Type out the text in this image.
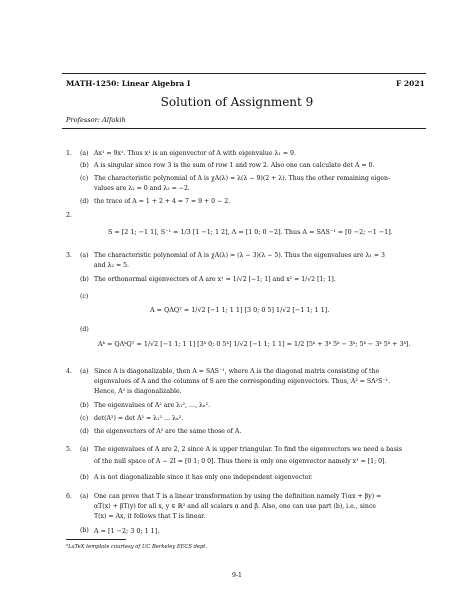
MATH-1250: Linear Algebra I	F 2021
Solution of Assignment 9
Professor: Alfakih
1. (a) Ax¹ = 9x¹. Thus x¹ is an eigenvector of A with eigenvalue λ₁ = 9.
(b) A is singular since row 3 is the sum of row 1 and row 2. Also one can calculate det A = 0.
(c) The characteristic polynomial of A is χA(λ) = λ(λ − 9)(2 + λ). Thus the other remaining eigen-
values are λ₂ = 0 and λ₃ = −2.
(d) the trace of A = 1 + 2 + 4 = 7 = 9 + 0 − 2.
2.
S = [2 1; −1 1], S⁻¹ = 1/3 [1 −1; 1 2], Λ = [1 0; 0 −2]. Thus A = SΛS⁻¹ = [0 −2; −1 −1].
3. (a) The characteristic polynomial of A is χA(λ) = (λ − 3)(λ − 5). Thus the eigenvalues are λ₁ = 3
and λ₂ = 5.
(b) The orthonormal eigenvectors of A are x¹ = 1/√2 [−1; 1] and x² = 1/√2 [1; 1].
(c)
A = QΛQᵀ = 1/√2 [−1 1; 1 1] [3 0; 0 5] 1/√2 [−1 1; 1 1].
(d)
Aᵏ = QΛᵏQᵀ = 1/√2 [−1 1; 1 1] [3ᵏ 0; 0 5ᵏ] 1/√2 [−1 1; 1 1] = 1/2 [5ᵏ + 3ᵏ 5ᵏ − 3ᵏ; 5ᵏ − 3ᵏ 5ᵏ + 3ᵏ].
4. (a) Since A is diagonalizable, then A = SΛS⁻¹, where Λ is the diagonal matrix consisting of the
eigenvalues of A and the columns of S are the corresponding eigenvectors. Thus, A² = SΛ²S⁻¹.
Hence, A² is diagonalizable.
(b) The eigenvalues of A² are λ₁², …, λₙ².
(c) det(A²) = det A² = λ₁² … λₙ².
(d) the eigenvectors of A² are the same those of A.
5. (a) The eigenvalues of A are 2, 2 since A is upper triangular. To find the eigenvectors we need a basis
of the null space of A − 2I = [0 1; 0 0]. Thus there is only one eigenvector namely x¹ = [1; 0].
(b) A is not diagonalizable since it has only one independent eigenvector.
6. (a) One can prove that T is a linear transformation by using the definition namely T(αx + βy) =
αT(x) + βT(y) for all x, y ∈ ℝ² and all scalars α and β. Also, one can use part (b), i.e., since
T(x) = Ax, it follows that T is linear.
(b) A = [1 −2; 3 0; 1 1].
⁰LaTeX template courtesy of UC Berkeley EECS dept.
9-1
